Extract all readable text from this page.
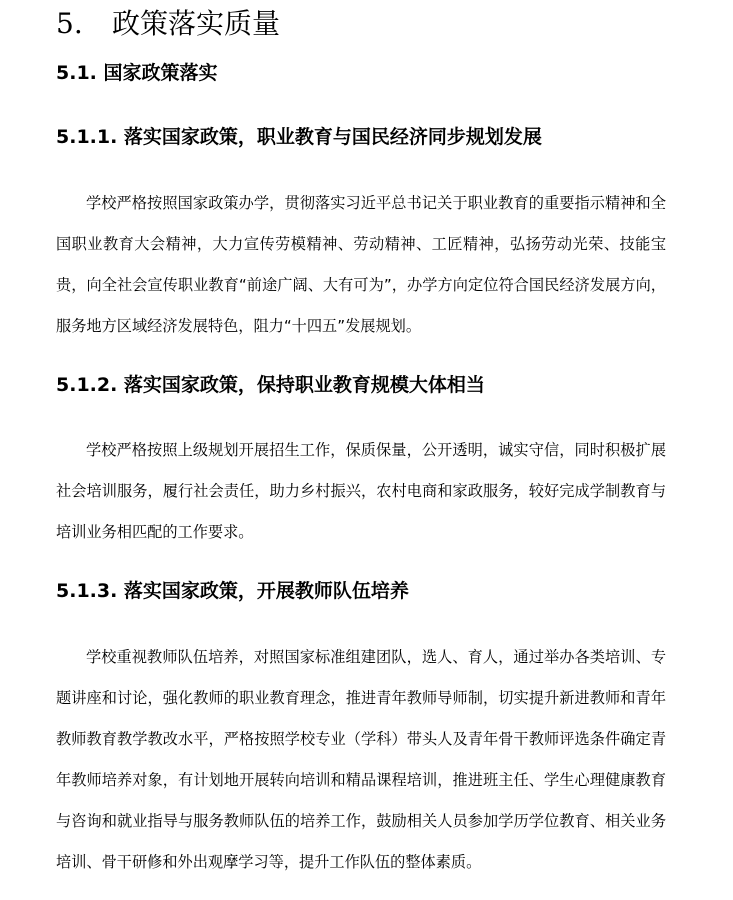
5. 政策落实质量
5.1. 国家政策落实
5.1.1. 落实国家政策，职业教育与国民经济同步规划发展

学校严格按照国家政策办学，贯彻落实习近平总书记关于职业教育的重要指示精神和全国职业教育大会精神，大力宣传劳模精神、劳动精神、工匠精神，弘扬劳动光荣、技能宝贵，向全社会宣传职业教育“前途广阔、大有可为”，办学方向定位符合国民经济发展方向，服务地方区域经济发展特色，阻力“十四五”发展规划。

5.1.2. 落实国家政策，保持职业教育规模大体相当

学校严格按照上级规划开展招生工作，保质保量，公开透明，诚实守信，同时积极扩展社会培训服务，履行社会责任，助力乡村振兴，农村电商和家政服务，较好完成学制教育与培训业务相匹配的工作要求。

5.1.3. 落实国家政策，开展教师队伍培养

学校重视教师队伍培养，对照国家标准组建团队，选人、育人，通过举办各类培训、专题讲座和讨论，强化教师的职业教育理念，推进青年教师导师制，切实提升新进教师和青年教师教育教学教改水平，严格按照学校专业（学科）带头人及青年骨干教师评选条件确定青年教师培养对象，有计划地开展转向培训和精品课程培训，推进班主任、学生心理健康教育与咨询和就业指导与服务教师队伍的培养工作，鼓励相关人员参加学历学位教育、相关业务培训、骨干研修和外出观摩学习等，提升工作队伍的整体素质。
